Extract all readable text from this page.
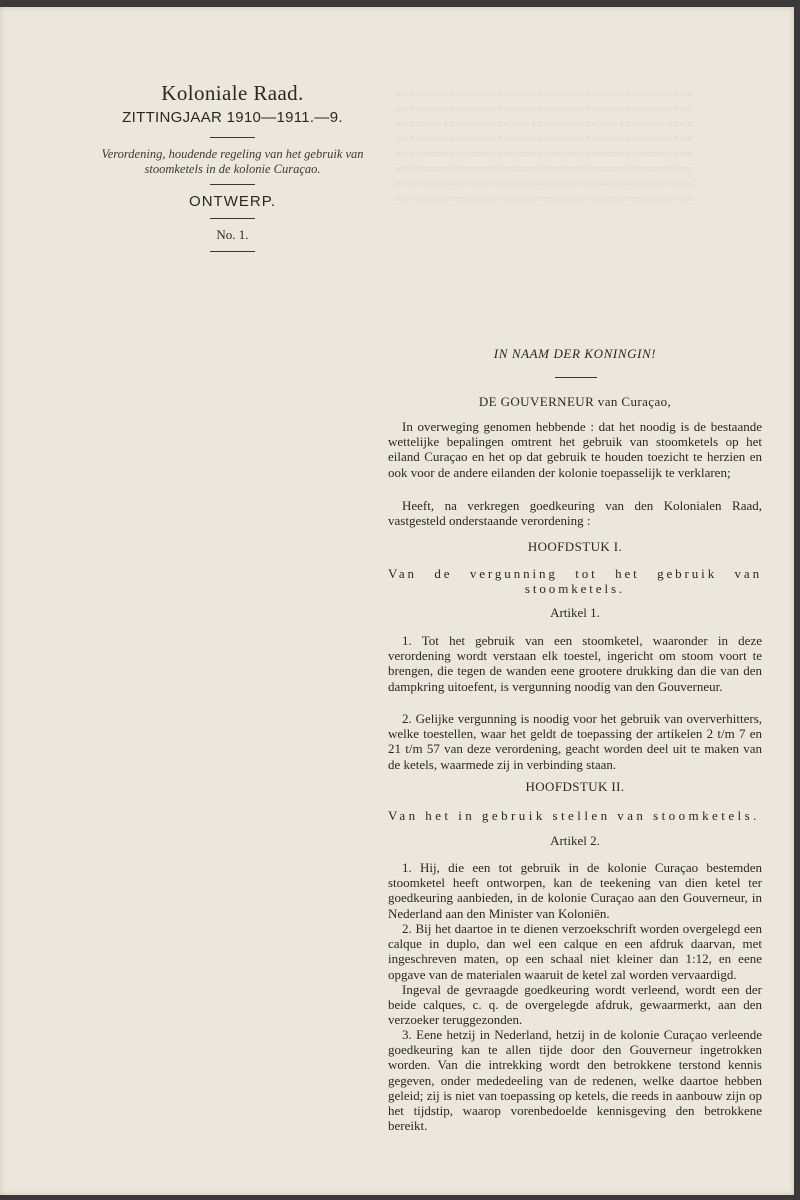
Koloniale Raad.
ZITTINGJAAR 1910—1911.—9.
Verordening, houdende regeling van het gebruik van stoomketels in de kolonie Curaçao.
ONTWERP.
No. 1.
≡≡≡≡≡≡≡≡≡≡≡≡≡≡≡≡≡≡≡≡≡≡≡≡≡≡≡≡≡≡≡≡≡≡≡≡≡≡≡≡≡≡≡≡
≡≡≡≡≡≡≡≡≡≡≡≡≡≡≡≡≡≡≡≡≡≡≡≡≡≡≡≡≡≡≡≡≡≡≡≡≡≡≡≡≡≡≡≡
≡≡≡≡≡≡≡≡≡≡≡≡≡≡≡≡≡≡≡≡≡≡≡≡≡≡≡≡≡≡≡≡≡≡≡≡≡≡≡≡≡≡≡≡
≡≡≡≡≡≡≡≡≡≡≡≡≡≡≡≡≡≡≡≡≡≡≡≡≡≡≡≡≡≡≡≡≡≡≡≡≡≡≡≡≡≡≡≡
≡≡≡≡≡≡≡≡≡≡≡≡≡≡≡≡≡≡≡≡≡≡≡≡≡≡≡≡≡≡≡≡≡≡≡≡≡≡≡≡≡≡≡≡
≡≡≡≡≡≡≡≡≡≡≡≡≡≡≡≡≡≡≡≡≡≡≡≡≡≡≡≡≡≡≡≡≡≡≡≡≡≡≡≡≡≡≡≡
≡≡≡≡≡≡≡≡≡≡≡≡≡≡≡≡≡≡≡≡≡≡≡≡≡≡≡≡≡≡≡≡≡≡≡≡≡≡≡≡≡≡≡≡
≡≡≡≡≡≡≡≡≡≡≡≡≡≡≡≡≡≡≡≡≡≡≡≡≡≡≡≡≡≡≡≡≡≡≡≡≡≡≡≡≡≡≡≡
IN NAAM DER KONINGIN!
DE GOUVERNEUR van Curaçao,
In overweging genomen hebbende : dat het noodig is de bestaande wettelijke bepalingen omtrent het gebruik van stoomketels op het eiland Curaçao en het op dat gebruik te houden toezicht te herzien en ook voor de andere eilanden der kolonie toepasselijk te verklaren;
Heeft, na verkregen goedkeuring van den Kolonialen Raad, vastgesteld onderstaande verordening :
HOOFDSTUK I.
Van de vergunning tot het gebruik van stoomketels.
Artikel 1.
1. Tot het gebruik van een stoomketel, waaronder in deze verordening wordt verstaan elk toestel, ingericht om stoom voort te brengen, die tegen de wanden eene grootere drukking dan die van den dampkring uitoefent, is vergunning noodig van den Gouverneur.
2. Gelijke vergunning is noodig voor het gebruik van oververhitters, welke toestellen, waar het geldt de toepassing der artikelen 2 t/m 7 en 21 t/m 57 van deze verordening, geacht worden deel uit te maken van de ketels, waarmede zij in verbinding staan.
HOOFDSTUK II.
Van het in gebruik stellen van stoomketels.
Artikel 2.
1. Hij, die een tot gebruik in de kolonie Curaçao bestemden stoomketel heeft ontworpen, kan de teekening van dien ketel ter goedkeuring aanbieden, in de kolonie Curaçao aan den Gouverneur, in Nederland aan den Minister van Koloniën.
2. Bij het daartoe in te dienen verzoekschrift worden overgelegd een calque in duplo, dan wel een calque en een afdruk daarvan, met ingeschreven maten, op een schaal niet kleiner dan 1:12, en eene opgave van de materialen waaruit de ketel zal worden vervaardigd.
Ingeval de gevraagde goedkeuring wordt verleend, wordt een der beide calques, c. q. de overgelegde afdruk, gewaarmerkt, aan den verzoeker teruggezonden.
3. Eene hetzij in Nederland, hetzij in de kolonie Curaçao verleende goedkeuring kan te allen tijde door den Gouverneur ingetrokken worden. Van die intrekking wordt den betrokkene terstond kennis gegeven, onder mededeeling van de redenen, welke daartoe hebben geleid; zij is niet van toepassing op ketels, die reeds in aanbouw zijn op het tijdstip, waarop vorenbedoelde kennisgeving den betrokkene bereikt.
